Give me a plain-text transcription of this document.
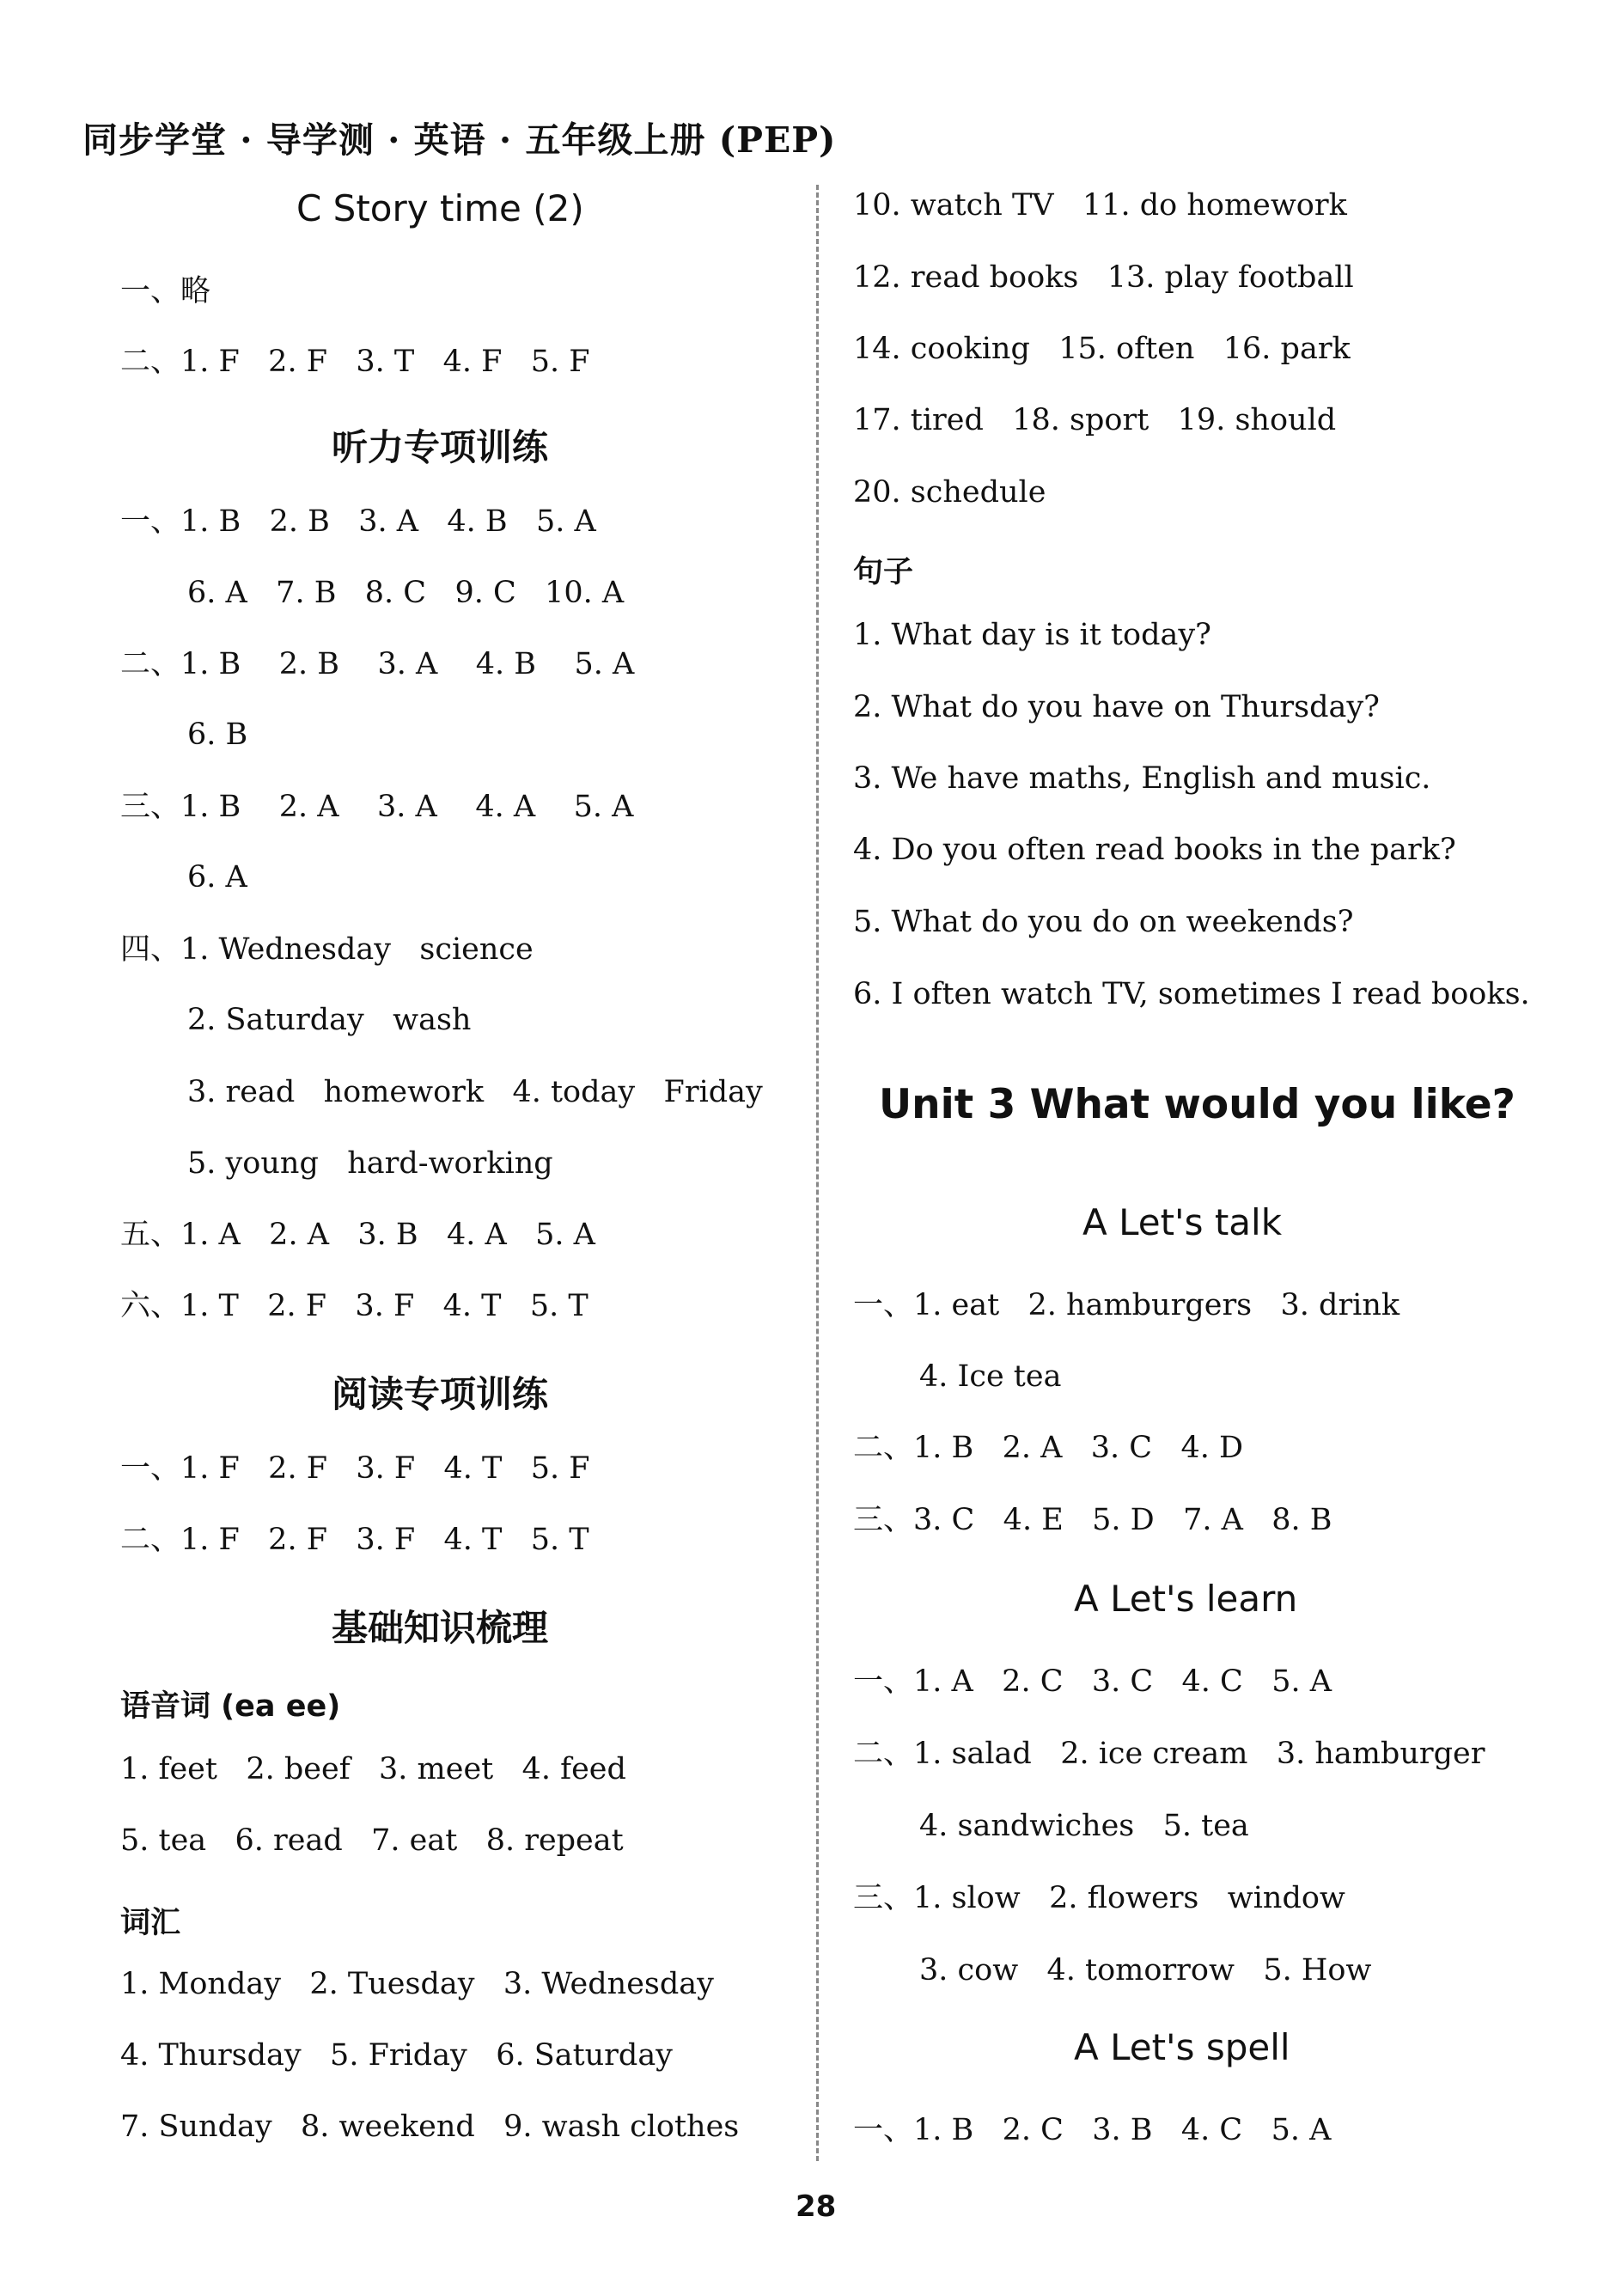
同步学堂 · 导学测 · 英语 · 五年级上册 (PEP)
C Story time (2)
一、略
二、1. F   2. F   3. T   4. F   5. F
听力专项训练
一、1. B   2. B   3. A   4. B   5. A
6. A   7. B   8. C   9. C   10. A
二、1. B    2. B    3. A    4. B    5. A
6. B
三、1. B    2. A    3. A    4. A    5. A
6. A
四、1. Wednesday   science
2. Saturday   wash
3. read   homework   4. today   Friday
5. young   hard-working
五、1. A   2. A   3. B   4. A   5. A
六、1. T   2. F   3. F   4. T   5. T
阅读专项训练
一、1. F   2. F   3. F   4. T   5. F
二、1. F   2. F   3. F   4. T   5. T
基础知识梳理
语音词 (ea ee)
1. feet   2. beef   3. meet   4. feed
5. tea   6. read   7. eat   8. repeat
词汇
1. Monday   2. Tuesday   3. Wednesday
4. Thursday   5. Friday   6. Saturday
7. Sunday   8. weekend   9. wash clothes
10. watch TV   11. do homework
12. read books   13. play football
14. cooking   15. often   16. park
17. tired   18. sport   19. should
20. schedule
句子
1. What day is it today?
2. What do you have on Thursday?
3. We have maths, English and music.
4. Do you often read books in the park?
5. What do you do on weekends?
6. I often watch TV, sometimes I read books.
Unit 3 What would you like?
A Let's talk
一、1. eat   2. hamburgers   3. drink
4. Ice tea
二、1. B   2. A   3. C   4. D
三、3. C   4. E   5. D   7. A   8. B
A Let's learn
一、1. A   2. C   3. C   4. C   5. A
二、1. salad   2. ice cream   3. hamburger
4. sandwiches   5. tea
三、1. slow   2. flowers   window
3. cow   4. tomorrow   5. How
A Let's spell
一、1. B   2. C   3. B   4. C   5. A
28
